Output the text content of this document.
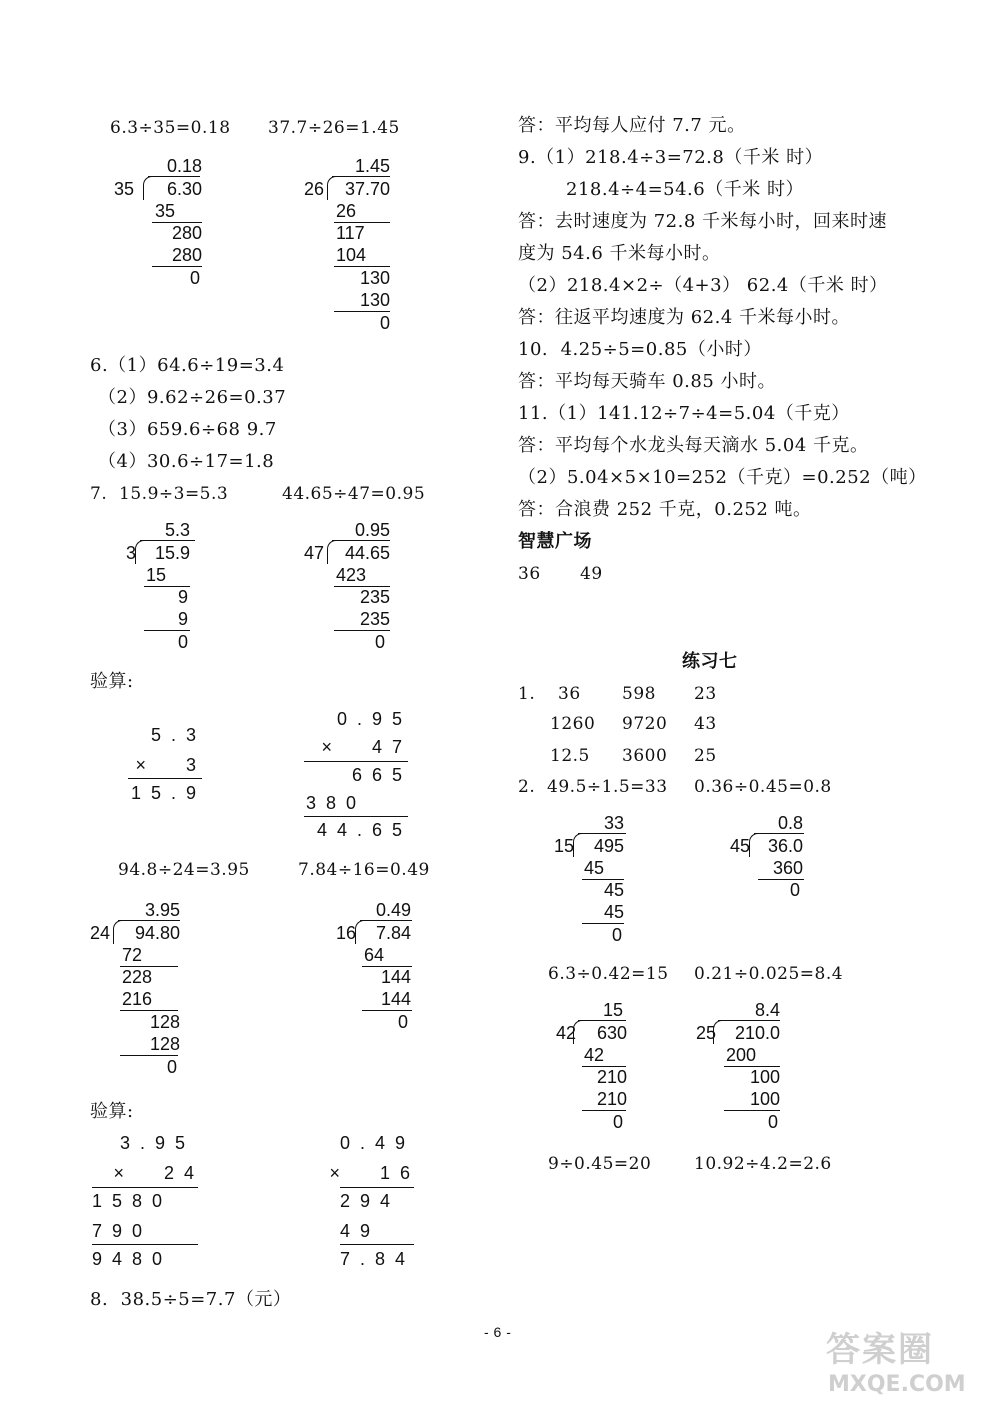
6.3÷35=0.18 37.7÷26=1.45
0.18
35 6.30
35
280
280
0
1.45
26 37.70
26
117
104
130
130
0
6.（1）64.6÷19=3.4
（2）9.62÷26=0.37
（3）659.6÷68 9.7
（4）30.6÷17=1.8
7.  15.9÷3=5.3	44.65÷47=0.95
5.3
3 15.9
15
9
9
0
0.95
47 44.65
423
235
235
0
验算:
5.3
×  3
15.9
0.95
×  47
665
380
44.65
94.8÷24=3.95	7.84÷16=0.49
3.95
24 94.80
72
228
216
128
128
0
0.49
16 7.84
64
144
144
0
验算:
3.95
×  24
1580
790
9480
0.49
×  16
294
49
7.84
8.  38.5÷5=7.7（元）
答：平均每人应付 7.7 元。
9.（1）218.4÷3=72.8（千米 时）
218.4÷4=54.6（千米 时）
答：去时速度为 72.8 千米每小时，回来时速
度为 54.6 千米每小时。
（2）218.4×2÷（4+3） 62.4（千米 时）
答：往返平均速度为 62.4 千米每小时。
10.  4.25÷5=0.85（小时）
答：平均每天骑车 0.85 小时。
11.（1）141.12÷7÷4=5.04（千克）
答：平均每个水龙头每天滴水 5.04 千克。
（2）5.04×5×10=252（千克）=0.252（吨）
答：合浪费 252 千克，0.252 吨。
智慧广场
36 49
练习七
1. 36 598 23
1260 9720 43
12.5 3600 25
2.  49.5÷1.5=33 0.36÷0.45=0.8
33
15 495
45
45
45
0
0.8
45 36.0
360
0
6.3÷0.42=15 0.21÷0.025=8.4
15
42 630
42
210
210
0
8.4
25 210.0
200
100
100
0
9÷0.45=20	10.92÷4.2=2.6
- 6 -	答案圈
MXQE.COM
